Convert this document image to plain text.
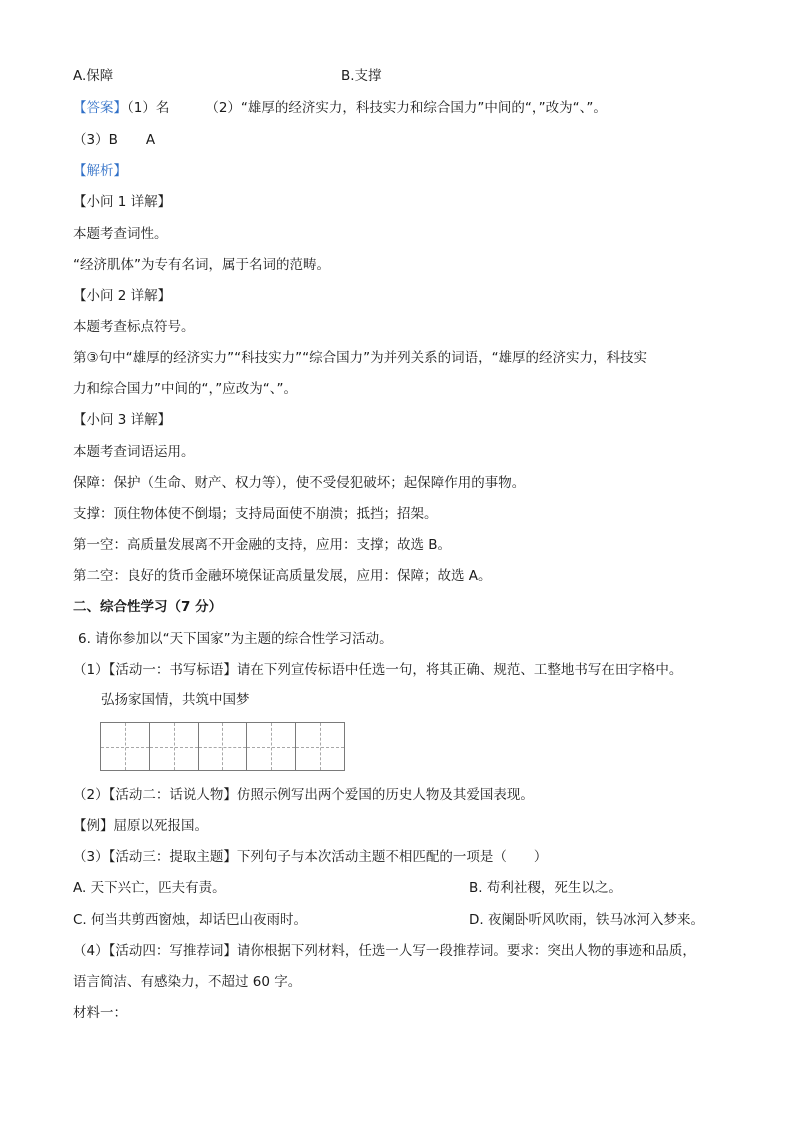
A.保障	B.支撑

【答案】（1）名	（2）“雄厚的经济实力，科技实力和综合国力”中间的“，”改为“、”。

（3）B A

【解析】

【小问 1 详解】

本题考查词性。

“经济肌体”为专有名词，属于名词的范畴。

【小问 2 详解】

本题考查标点符号。

第③句中“雄厚的经济实力”“科技实力”“综合国力”为并列关系的词语，“雄厚的经济实力，科技实

力和综合国力”中间的“，”应改为“、”。

【小问 3 详解】

本题考查词语运用。

保障：保护（生命、财产、权力等），使不受侵犯破坏；起保障作用的事物。

支撑：顶住物体使不倒塌；支持局面使不崩溃；抵挡；招架。

第一空：高质量发展离不开金融的支持，应用：支撑；故选 B。

第二空：良好的货币金融环境保证高质量发展，应用：保障；故选 A。

二、综合性学习（7 分）

6. 请你参加以“天下国家”为主题的综合性学习活动。

（1）【活动一：书写标语】请在下列宣传标语中任选一句，将其正确、规范、工整地书写在田字格中。

弘扬家国情，共筑中国梦

（2）【活动二：话说人物】仿照示例写出两个爱国的历史人物及其爱国表现。

【例】屈原以死报国。

（3）【活动三：提取主题】下列句子与本次活动主题不相匹配的一项是（　　）

A. 天下兴亡，匹夫有责。	B. 苟利社稷，死生以之。

C. 何当共剪西窗烛，却话巴山夜雨时。	D. 夜阑卧听风吹雨，铁马冰河入梦来。

（4）【活动四：写推荐词】请你根据下列材料，任选一人写一段推荐词。要求：突出人物的事迹和品质，

语言简洁、有感染力，不超过 60 字。

材料一：
